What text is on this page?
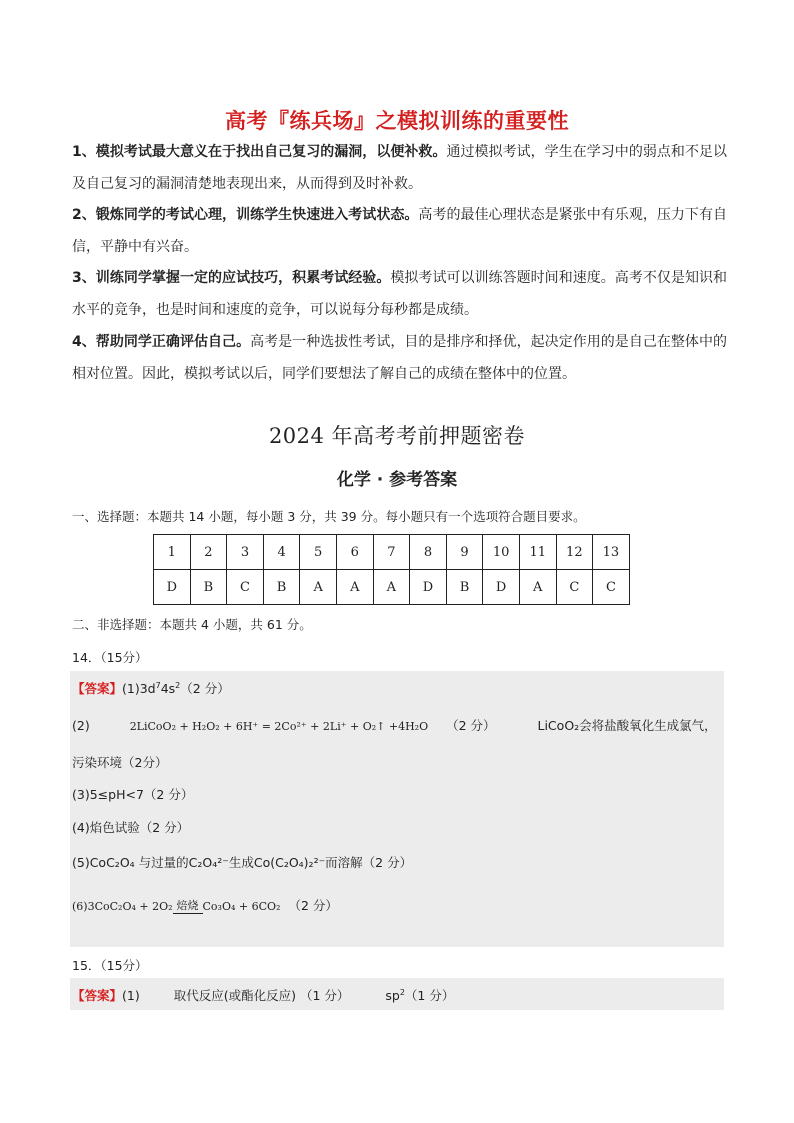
高考『练兵场』之模拟训练的重要性
1、模拟考试最大意义在于找出自己复习的漏洞，以便补救。通过模拟考试，学生在学习中的弱点和不足以及自己复习的漏洞清楚地表现出来，从而得到及时补救。
2、锻炼同学的考试心理，训练学生快速进入考试状态。高考的最佳心理状态是紧张中有乐观，压力下有自信，平静中有兴奋。
3、训练同学掌握一定的应试技巧，积累考试经验。模拟考试可以训练答题时间和速度。高考不仅是知识和水平的竞争，也是时间和速度的竞争，可以说每分每秒都是成绩。
4、帮助同学正确评估自己。高考是一种选拔性考试，目的是排序和择优，起决定作用的是自己在整体中的相对位置。因此，模拟考试以后，同学们要想法了解自己的成绩在整体中的位置。
2024 年高考考前押题密卷
化学 · 参考答案
一、选择题：本题共 14 小题，每小题 3 分，共 39 分。每小题只有一个选项符合题目要求。
1	2	3	4	5	6	7	8	9	10	11	12	13
D	B	C	B	A	A	A	D	B	D	A	C	C
二、非选择题：本题共 4 小题，共 61 分。
14．（15分）
【答案】$(1)3d^74s^2(2$ 分）
(2)	2LiCoO₂ + H₂O₂ + 6H⁺ = 2Co²⁺ + 2Li⁺ + O₂↑ +4H₂O （2 分）	LiCoO₂会将盐酸氧化生成氯气，
污染环境（2分）
(3)5≤pH<7（2 分）
(4)焰色试验（2 分）
(5)CoC₂O₄ 与过量的C₂O₄²⁻生成Co(C₂O₄)₂²⁻而溶解（2 分）
(6)3CoC₂O₄ + 2O₂ 焙烧 Co₃O₄ + 6CO₂ （2 分）
15．（15分）
【答案】(1)	取代反应(或酯化反应) （1 分）	$sp^2(1$ 分）
